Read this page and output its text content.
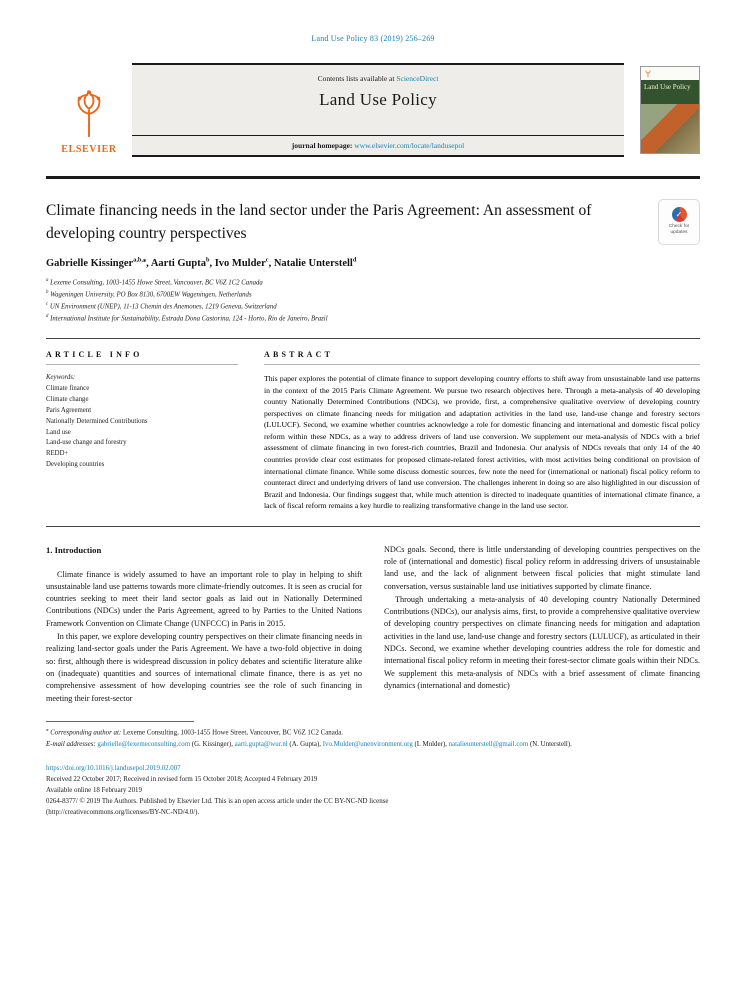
Land Use Policy 83 (2019) 256–269
ELSEVIER
Contents lists available at ScienceDirect
Land Use Policy
journal homepage: www.elsevier.com/locate/landusepol
Land Use Policy
Climate financing needs in the land sector under the Paris Agreement: An assessment of developing country perspectives
✓
Check for updates
Gabrielle Kissinger$^{a,b,⁎}$, Aarti Gupta$^b$, Ivo Mulder$^c$, Natalie Unterstell$^d$
$^a$ Lexeme Consulting, 1003-1455 Howe Street, Vancouver, BC V6Z 1C2 Canada
$^b$ Wageningen University, PO Box 8130, 6700EW Wageningen, Netherlands
$^c$ UN Environment (UNEP), 11-13 Chemin des Anemones, 1219 Geneva, Switzerland
$^d$ International Institute for Sustainability, Estrada Dona Castorina, 124 - Horto, Rio de Janeiro, Brazil
ARTICLE INFO
Keywords:
Climate finance
Climate change
Paris Agreement
Nationally Determined Contributions
Land use
Land-use change and forestry
REDD+
Developing countries
ABSTRACT
This paper explores the potential of climate finance to support developing country efforts to shift away from unsustainable land use patterns in the context of the 2015 Paris Climate Agreement. We pursue two research objectives here. Through a meta-analysis of 40 developing country Nationally Determined Contributions (NDCs), we provide, first, a comprehensive qualitative overview of developing country perspectives on climate financing needs for mitigation and adaptation activities in the land use, land-use change and forestry sectors (LULUCF). Second, we examine whether countries acknowledge a role for domestic financing and international and domestic fiscal policy reform within these NDCs, as a way to address drivers of land use conversion. We supplement our meta-analysis of NDCs with a brief assessment of climate financing in two forest-rich countries, Brazil and Indonesia. Our analysis of NDCs reveals that only 14 of the 40 countries provide clear cost estimates for proposed climate-related forest activities, with most activities being conditional on provision of international climate finance. While some discuss domestic sources, few note the need for (international or national) fiscal policy reform to counteract direct and underlying drivers of land use conversion. The challenges inherent in doing so are also highlighted in our discussion of Brazil and Indonesia. Our findings suggest that, while much attention is directed to inadequate quantities of international climate finance, a lack of fiscal reform remains a key hurdle to realizing transformative change in the land use sector.
1. Introduction

Climate finance is widely assumed to have an important role to play in helping to shift unsustainable land use patterns towards more climate-friendly outcomes. It is seen as crucial for countries seeking to meet their land sector goals as laid out in Nationally Determined Contributions (NDCs) under the Paris Agreement, agreed to by Parties to the United Nations Framework Convention on Climate Change (UNFCCC) in Paris in 2015.

In this paper, we explore developing country perspectives on their climate financing needs in realizing land-sector goals under the Paris Agreement. We have a two-fold objective in doing so: first, although there is widespread discussion in policy debates and scientific literature alike on (inadequate) quantities and sources of international climate finance, there is as yet no comprehensive assessment of how developing countries see the role of such financing in meeting their forest-sector

NDCs goals. Second, there is little understanding of developing countries perspectives on the role of (international and domestic) fiscal policy reform in addressing drivers of unsustainable land use, and the lack of alignment between fiscal policies that might stimulate land conversation, versus sustainable land use initiatives supported by climate finance.

Through undertaking a meta-analysis of 40 developing country Nationally Determined Contributions (NDCs), our analysis aims, first, to provide a comprehensive qualitative overview of developing country perspectives on climate financing needs for mitigation and adaptation activities in the land use, land-use change and forestry sectors (LULUCF), as articulated in their NDCs. Second, we examine whether developing countries address the role for domestic and international fiscal policy reform in meeting their forest-sector climate goals within their NDCs. We supplement this meta-analysis of NDCs with a brief assessment of climate financing dynamics (international and domestic)

⁎ Corresponding author at: Lexeme Consulting, 1003-1455 Howe Street, Vancouver, BC V6Z 1C2 Canada.
E-mail addresses: gabrielle@lexemeconsulting.com (G. Kissinger), aarti.gupta@wur.nl (A. Gupta), Ivo.Mulder@unenvironment.org (I. Mulder), natalieunterstell@gmail.com (N. Unterstell).
https://doi.org/10.1016/j.landusepol.2019.02.007
Received 22 October 2017; Received in revised form 15 October 2018; Accepted 4 February 2019
Available online 18 February 2019
0264-8377/ © 2019 The Authors. Published by Elsevier Ltd. This is an open access article under the CC BY-NC-ND license
(http://creativecommons.org/licenses/BY-NC-ND/4.0/).
